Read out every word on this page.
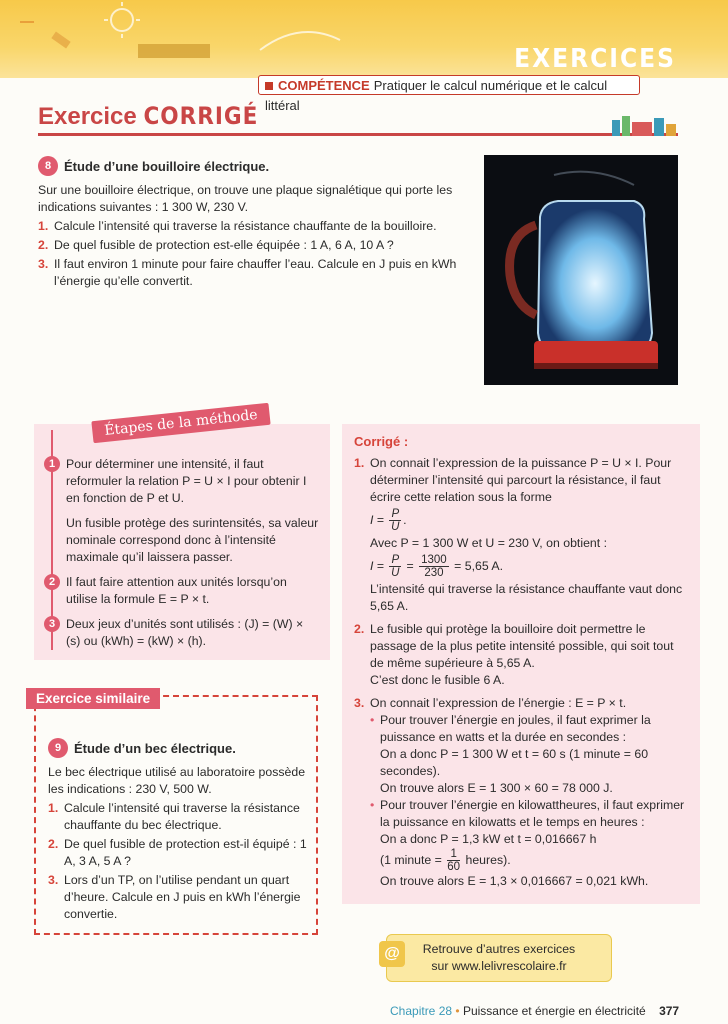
EXERCICES
COMPÉTENCE Pratiquer le calcul numérique et le calcul littéral
Exercice CORRIGÉ
8 Étude d’une bouilloire électrique.

Sur une bouilloire électrique, on trouve une plaque signalétique qui porte les indications suivantes : 1 300 W, 230 V.

1. Calcule l’intensité qui traverse la résistance chauffante de la bouilloire.
2. De quel fusible de protection est-elle équipée : 1 A, 6 A, 10 A ?
3. Il faut environ 1 minute pour faire chauffer l’eau. Calcule en J puis en kWh l’énergie qu’elle convertit.
Étapes de la méthode
1 Pour déterminer une intensité, il faut reformuler la relation P = U × I pour obtenir I en fonction de P et U.

Un fusible protège des surintensités, sa valeur nominale correspond donc à l’intensité maximale qu’il laissera passer.

2 Il faut faire attention aux unités lorsqu’on utilise la formule E = P × t.

3 Deux jeux d’unités sont utilisés : (J) = (W) × (s) ou (kWh) = (kW) × (h).

Exercice similaire
9 Étude d’un bec électrique.

Le bec électrique utilisé au laboratoire possède les indications : 230 V, 500 W.

1. Calcule l’intensité qui traverse la résistance chauffante du bec électrique.
2. De quel fusible de protection est-il équipé : 1 A, 3 A, 5 A ?
3. Lors d’un TP, on l’utilise pendant un quart d’heure. Calcule en J puis en kWh l’énergie convertie.
Corrigé :
1. On connait l’expression de la puissance P = U × I. Pour déterminer l’intensité qui parcourt la résistance, il faut écrire cette relation sous la forme
$I = \frac{P}{U}$ .
Avec P = 1 300 W et U = 230 V, on obtient :
$I = \frac{P}{U} = \frac{1300}{230} = 5,65$ A.
L’intensité qui traverse la résistance chauffante vaut donc 5,65 A.
2. Le fusible qui protège la bouilloire doit permettre le passage de la plus petite intensité possible, qui soit tout de même supérieure à 5,65 A.
C’est donc le fusible 6 A.
3. On connait l’expression de l’énergie : E = P × t.
• Pour trouver l’énergie en joules, il faut exprimer la puissance en watts et la durée en secondes :
On a donc P = 1 300 W et t = 60 s (1 minute = 60 secondes).
On trouve alors E = 1 300 × 60 = 78 000 J.
• Pour trouver l’énergie en kilowattheures, il faut exprimer la puissance en kilowatts et le temps en heures :
On a donc P = 1,3 kW et t = 0,016667 h
(1 minute = $\frac{1}{60}$ heures).
On trouve alors E = 1,3 × 0,016667 = 0,021 kWh.
@	Retrouve d’autres exercices
sur www.lelivrescolaire.fr
Chapitre 28 • Puissance et énergie en électricité 377
